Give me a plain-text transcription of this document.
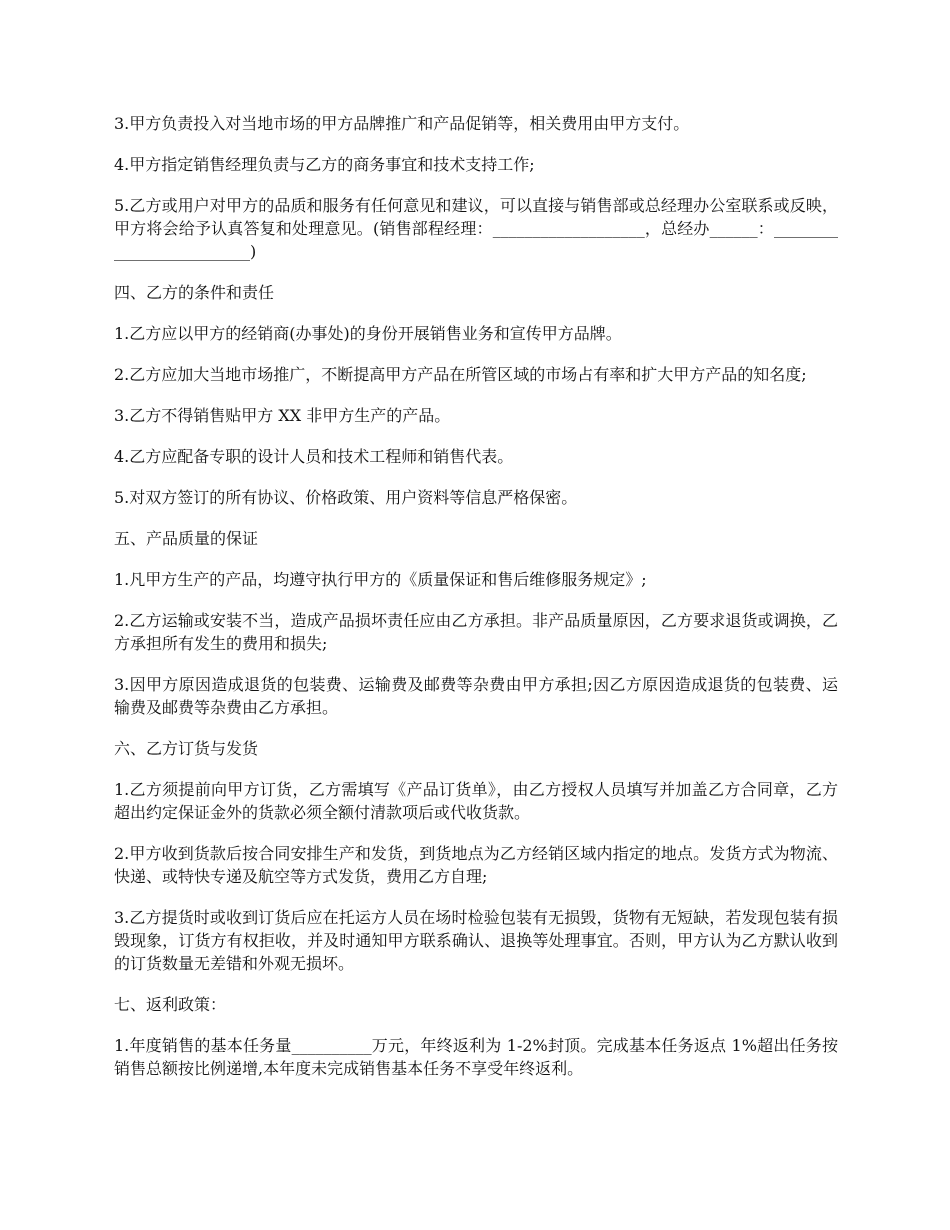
3.甲方负责投入对当地市场的甲方品牌推广和产品促销等，相关费用由甲方支付。

4.甲方指定销售经理负责与乙方的商务事宜和技术支持工作;

5.乙方或用户对甲方的品质和服务有任何意见和建议，可以直接与销售部或总经理办公室联系或反映，甲方将会给予认真答复和处理意见。(销售部程经理：___________________，总经办______：_________________________)

四、乙方的条件和责任

1.乙方应以甲方的经销商(办事处)的身份开展销售业务和宣传甲方品牌。

2.乙方应加大当地市场推广，不断提高甲方产品在所管区域的市场占有率和扩大甲方产品的知名度;

3.乙方不得销售贴甲方 XX 非甲方生产的产品。

4.乙方应配备专职的设计人员和技术工程师和销售代表。

5.对双方签订的所有协议、价格政策、用户资料等信息严格保密。

五、产品质量的保证

1.凡甲方生产的产品，均遵守执行甲方的《质量保证和售后维修服务规定》;

2.乙方运输或安装不当，造成产品损坏责任应由乙方承担。非产品质量原因，乙方要求退货或调换，乙方承担所有发生的费用和损失;

3.因甲方原因造成退货的包装费、运输费及邮费等杂费由甲方承担;因乙方原因造成退货的包装费、运输费及邮费等杂费由乙方承担。

六、乙方订货与发货

1.乙方须提前向甲方订货，乙方需填写《产品订货单》，由乙方授权人员填写并加盖乙方合同章，乙方超出约定保证金外的货款必须全额付清款项后或代收货款。

2.甲方收到货款后按合同安排生产和发货，到货地点为乙方经销区域内指定的地点。发货方式为物流、快递、或特快专递及航空等方式发货，费用乙方自理;

3.乙方提货时或收到订货后应在托运方人员在场时检验包装有无损毁，货物有无短缺，若发现包装有损毁现象，订货方有权拒收，并及时通知甲方联系确认、退换等处理事宜。否则，甲方认为乙方默认收到的订货数量无差错和外观无损坏。

七、返利政策：

1.年度销售的基本任务量__________万元，年终返利为 1-2%封顶。完成基本任务返点 1%超出任务按销售总额按比例递增,本年度未完成销售基本任务不享受年终返利。
